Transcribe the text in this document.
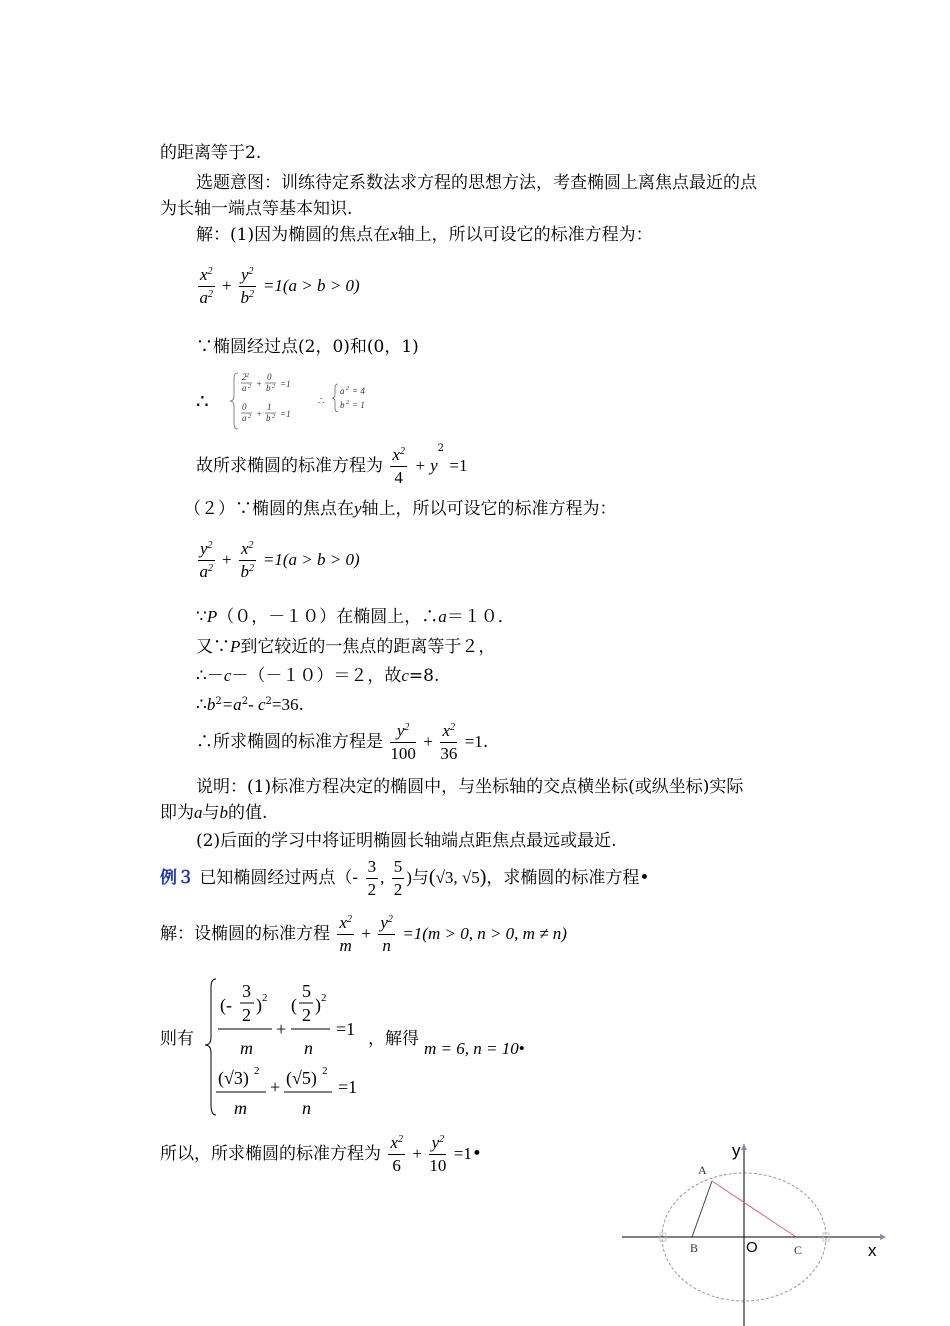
的距离等于2.
选题意图：训练待定系数法求方程的思想方法，考查椭圆上离焦点最近的点
为长轴一端点等基本知识.
解：(1)因为椭圆的焦点在x轴上，所以可设它的标准方程为：
$\frac{x^2}{a^2} + \frac{y^2}{b^2} =1(a > b > 0)$
∵椭圆经过点(2，0)和(0，1)
∴
2 2
a 2 +
0
b 2 =1
0
a 2 +
1
b 2 =1
∴
a 2 = 4
b 2 = 1
故所求椭圆的标准方程为 $\frac{x^2}{4} + y^2 =1$
（２）∵椭圆的焦点在y轴上，所以可设它的标准方程为：
$\frac{y^2}{a^2} + \frac{x^2}{b^2} =1(a > b > 0)$
∵P（０，－１０）在椭圆上，∴a＝１０．
又∵P到它较近的一焦点的距离等于２，
∴－c－（－１０）＝２，故c=8.
$\therefore b^2=a^2-$ $c^2=36$.
∴所求椭圆的标准方程是 $\frac{y^2}{100} + \frac{x^2}{36} =1$.
说明：(1)标准方程决定的椭圆中，与坐标轴的交点横坐标(或纵坐标)实际
即为a与b的值.
(2)后面的学习中将证明椭圆长轴端点距焦点最远或最近.
例３ 已知椭圆经过两点（- $\frac{3}{2}$ , $\frac{5}{2}$ )与(√3, √5)，求椭圆的标准方程•
解：设椭圆的标准方程 $\frac{x^2}{m} + \frac{y^2}{n} =1(m > 0$, n > 0, m ≠ n)
则有
(-
3
2 ) 2
m
+
(
5
2 ) 2
n
=1
(√3) 2
m
+ (√5) 2
n
=1
，解得 m = 6, n = 10•
所以，所求椭圆的标准方程为 $\frac{x^2}{6} + \frac{y^2}{10}$ =1•	y
x
O
A
B	C
